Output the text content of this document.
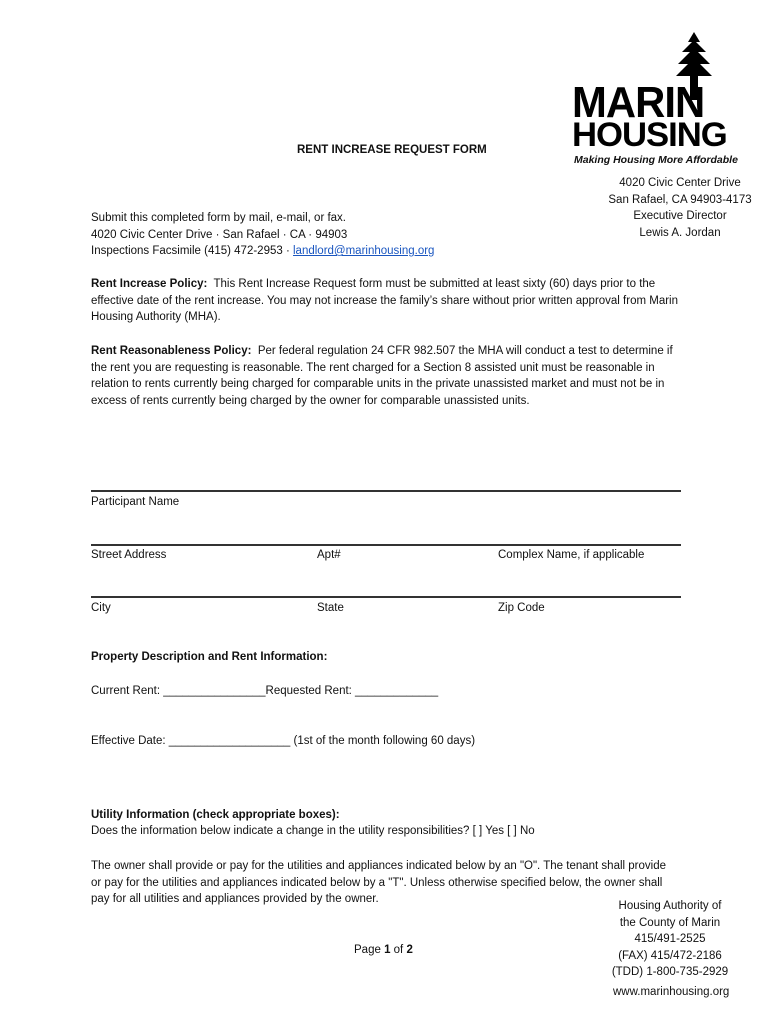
MARIN
HOUSING
Making Housing More Affordable
RENT INCREASE REQUEST FORM
4020 Civic Center Drive
San Rafael, CA 94903-4173
Executive Director
Lewis A. Jordan
Submit this completed form by mail, e-mail, or fax.
4020 Civic Center Drive · San Rafael · CA · 94903
Inspections Facsimile (415) 472-2953 · landlord@marinhousing.org
Rent Increase Policy: This Rent Increase Request form must be submitted at least sixty (60) days prior to the effective date of the rent increase. You may not increase the family’s share without prior written approval from Marin Housing Authority (MHA).
Rent Reasonableness Policy: Per federal regulation 24 CFR 982.507 the MHA will conduct a test to determine if the rent you are requesting is reasonable. The rent charged for a Section 8 assisted unit must be reasonable in relation to rents currently being charged for comparable units in the private unassisted market and must not be in excess of rents currently being charged by the owner for comparable unassisted units.
Participant Name
Street Address	Apt#	Complex Name, if applicable
City	State	Zip Code
Property Description and Rent Information:
Current Rent: ________________Requested Rent: _____________
Effective Date: ___________________ (1st of the month following 60 days)
Utility Information (check appropriate boxes):
Does the information below indicate a change in the utility responsibilities? [ ] Yes [ ] No
The owner shall provide or pay for the utilities and appliances indicated below by an "O". The tenant shall provide or pay for the utilities and appliances indicated below by a "T". Unless otherwise specified below, the owner shall pay for all utilities and appliances provided by the owner.
Page 1 of 2
Housing Authority of
the County of Marin
415/491-2525
(FAX) 415/472-2186
(TDD) 1-800-735-2929
www.marinhousing.org
